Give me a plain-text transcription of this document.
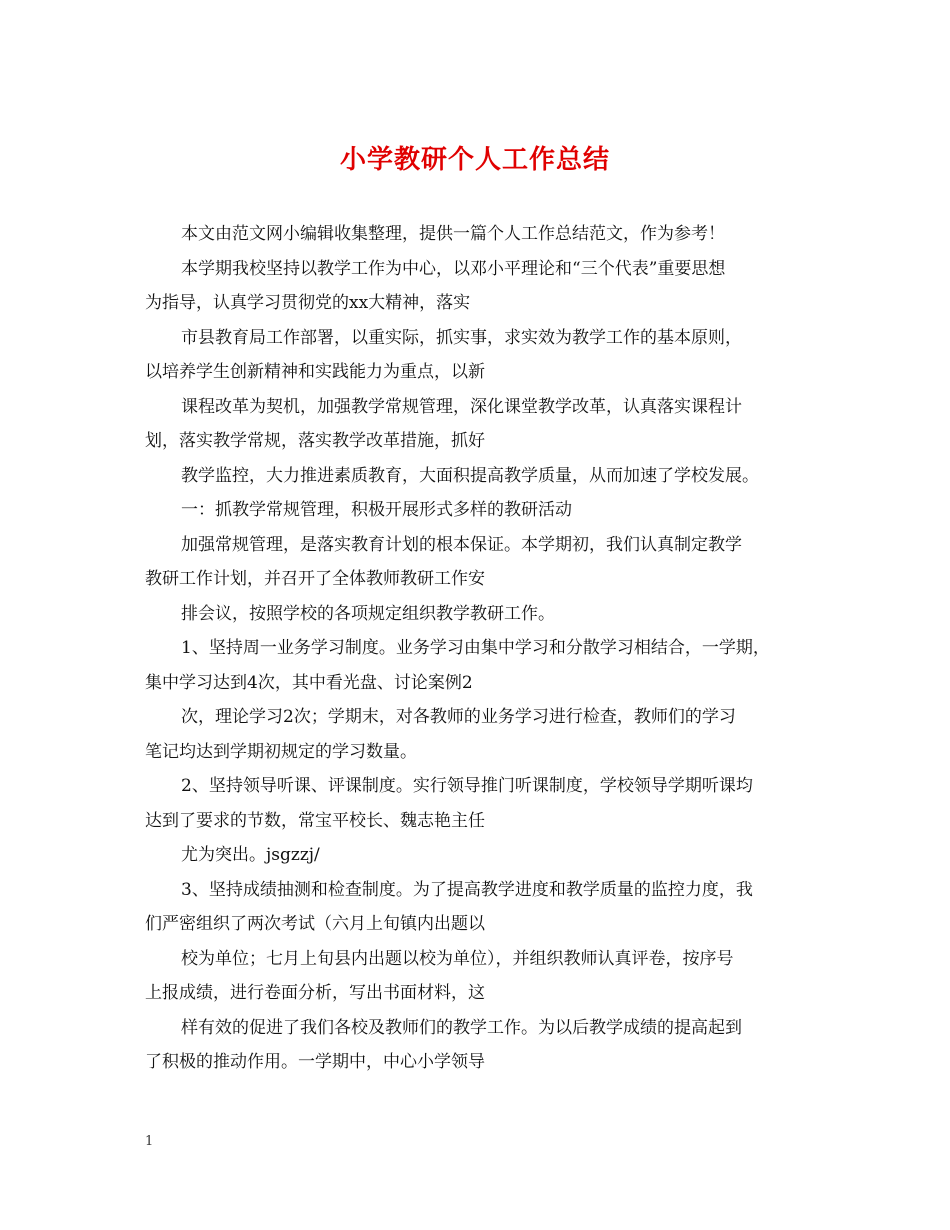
小学教研个人工作总结
本文由范文网小编辑收集整理，提供一篇个人工作总结范文，作为参考！
本学期我校坚持以教学工作为中心，以邓小平理论和“三个代表”重要思想
为指导，认真学习贯彻党的xx大精神，落实
市县教育局工作部署，以重实际，抓实事，求实效为教学工作的基本原则，
以培养学生创新精神和实践能力为重点，以新
课程改革为契机，加强教学常规管理，深化课堂教学改革，认真落实课程计
划，落实教学常规，落实教学改革措施，抓好
教学监控，大力推进素质教育，大面积提高教学质量，从而加速了学校发展。
一：抓教学常规管理，积极开展形式多样的教研活动
加强常规管理，是落实教育计划的根本保证。本学期初，我们认真制定教学
教研工作计划，并召开了全体教师教研工作安
排会议，按照学校的各项规定组织教学教研工作。
1、坚持周一业务学习制度。业务学习由集中学习和分散学习相结合，一学期，
集中学习达到4次，其中看光盘、讨论案例2
次，理论学习2次；学期末，对各教师的业务学习进行检查，教师们的学习
笔记均达到学期初规定的学习数量。
2、坚持领导听课、评课制度。实行领导推门听课制度，学校领导学期听课均
达到了要求的节数，常宝平校长、魏志艳主任
尤为突出。jsgzzj/
3、坚持成绩抽测和检查制度。为了提高教学进度和教学质量的监控力度，我
们严密组织了两次考试（六月上旬镇内出题以
校为单位；七月上旬县内出题以校为单位），并组织教师认真评卷，按序号
上报成绩，进行卷面分析，写出书面材料，这
样有效的促进了我们各校及教师们的教学工作。为以后教学成绩的提高起到
了积极的推动作用。一学期中，中心小学领导
1
